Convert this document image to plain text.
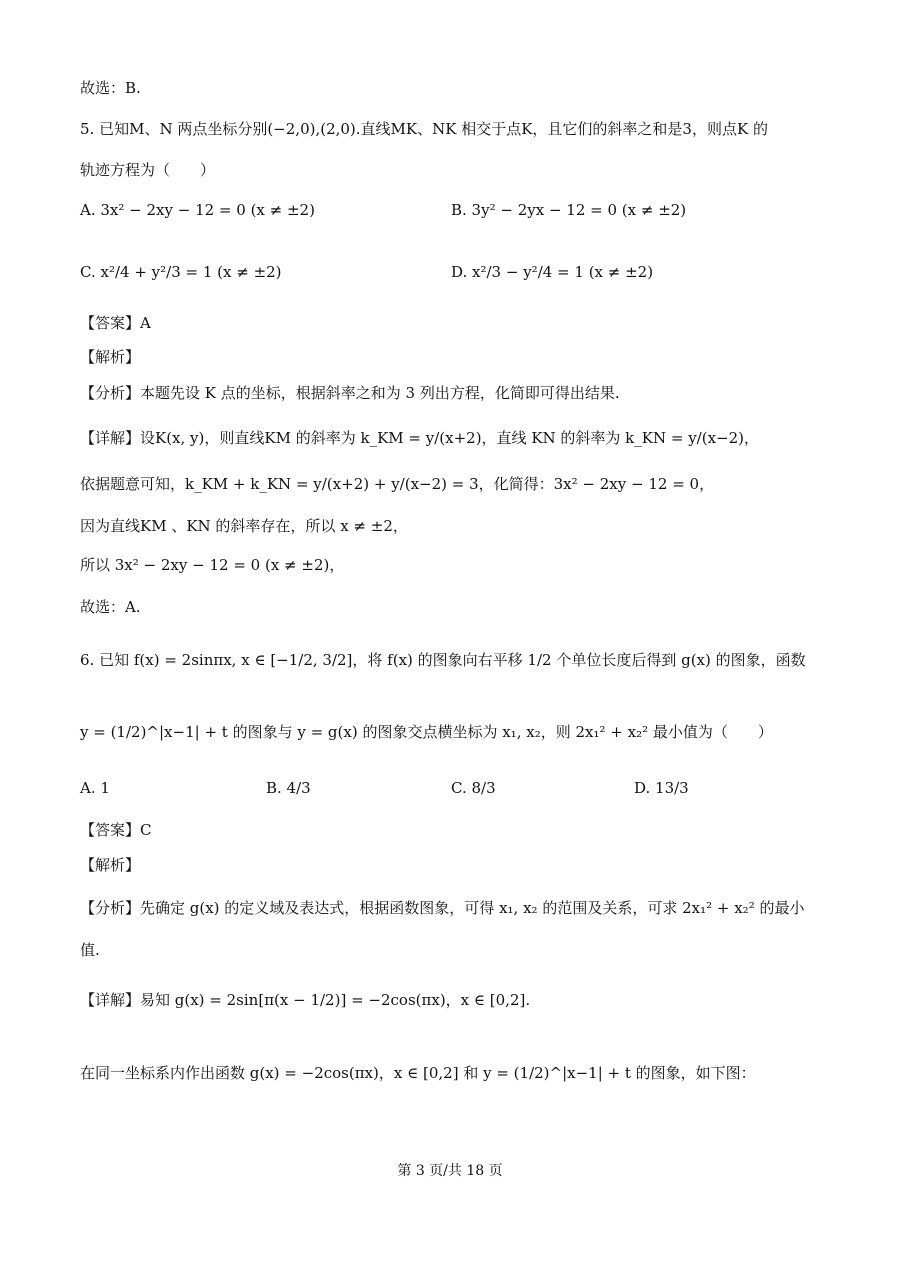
故选：B.
5. 已知M、N 两点坐标分别(−2,0),(2,0).直线MK、NK 相交于点K，且它们的斜率之和是3，则点K 的
轨迹方程为（　　）
A. 3x² − 2xy − 12 = 0 (x ≠ ±2)	B. 3y² − 2yx − 12 = 0 (x ≠ ±2)
C. x²/4 + y²/3 = 1 (x ≠ ±2)	D. x²/3 − y²/4 = 1 (x ≠ ±2)
【答案】A
【解析】
【分析】本题先设 K 点的坐标，根据斜率之和为 3 列出方程，化简即可得出结果.
【详解】设K(x, y)，则直线KM 的斜率为 k_KM = y/(x+2)，直线 KN 的斜率为 k_KN = y/(x−2)，
依据题意可知，k_KM + k_KN = y/(x+2) + y/(x−2) = 3，化简得：3x² − 2xy − 12 = 0，
因为直线KM 、KN 的斜率存在，所以 x ≠ ±2，
所以 3x² − 2xy − 12 = 0 (x ≠ ±2)，
故选：A.
6. 已知 f(x) = 2sinπx, x ∈ [−1/2, 3/2]，将 f(x) 的图象向右平移 1/2 个单位长度后得到 g(x) 的图象，函数
y = (1/2)^|x−1| + t 的图象与 y = g(x) 的图象交点横坐标为 x₁, x₂，则 2x₁² + x₂² 最小值为（　　）
A. 1	B. 4/3	C. 8/3	D. 13/3
【答案】C
【解析】
【分析】先确定 g(x) 的定义域及表达式，根据函数图象，可得 x₁, x₂ 的范围及关系，可求 2x₁² + x₂² 的最小
值.
【详解】易知 g(x) = 2sin[π(x − 1/2)] = −2cos(πx)，x ∈ [0,2].
在同一坐标系内作出函数 g(x) = −2cos(πx)，x ∈ [0,2] 和 y = (1/2)^|x−1| + t 的图象，如下图：
第 3 页/共 18 页
